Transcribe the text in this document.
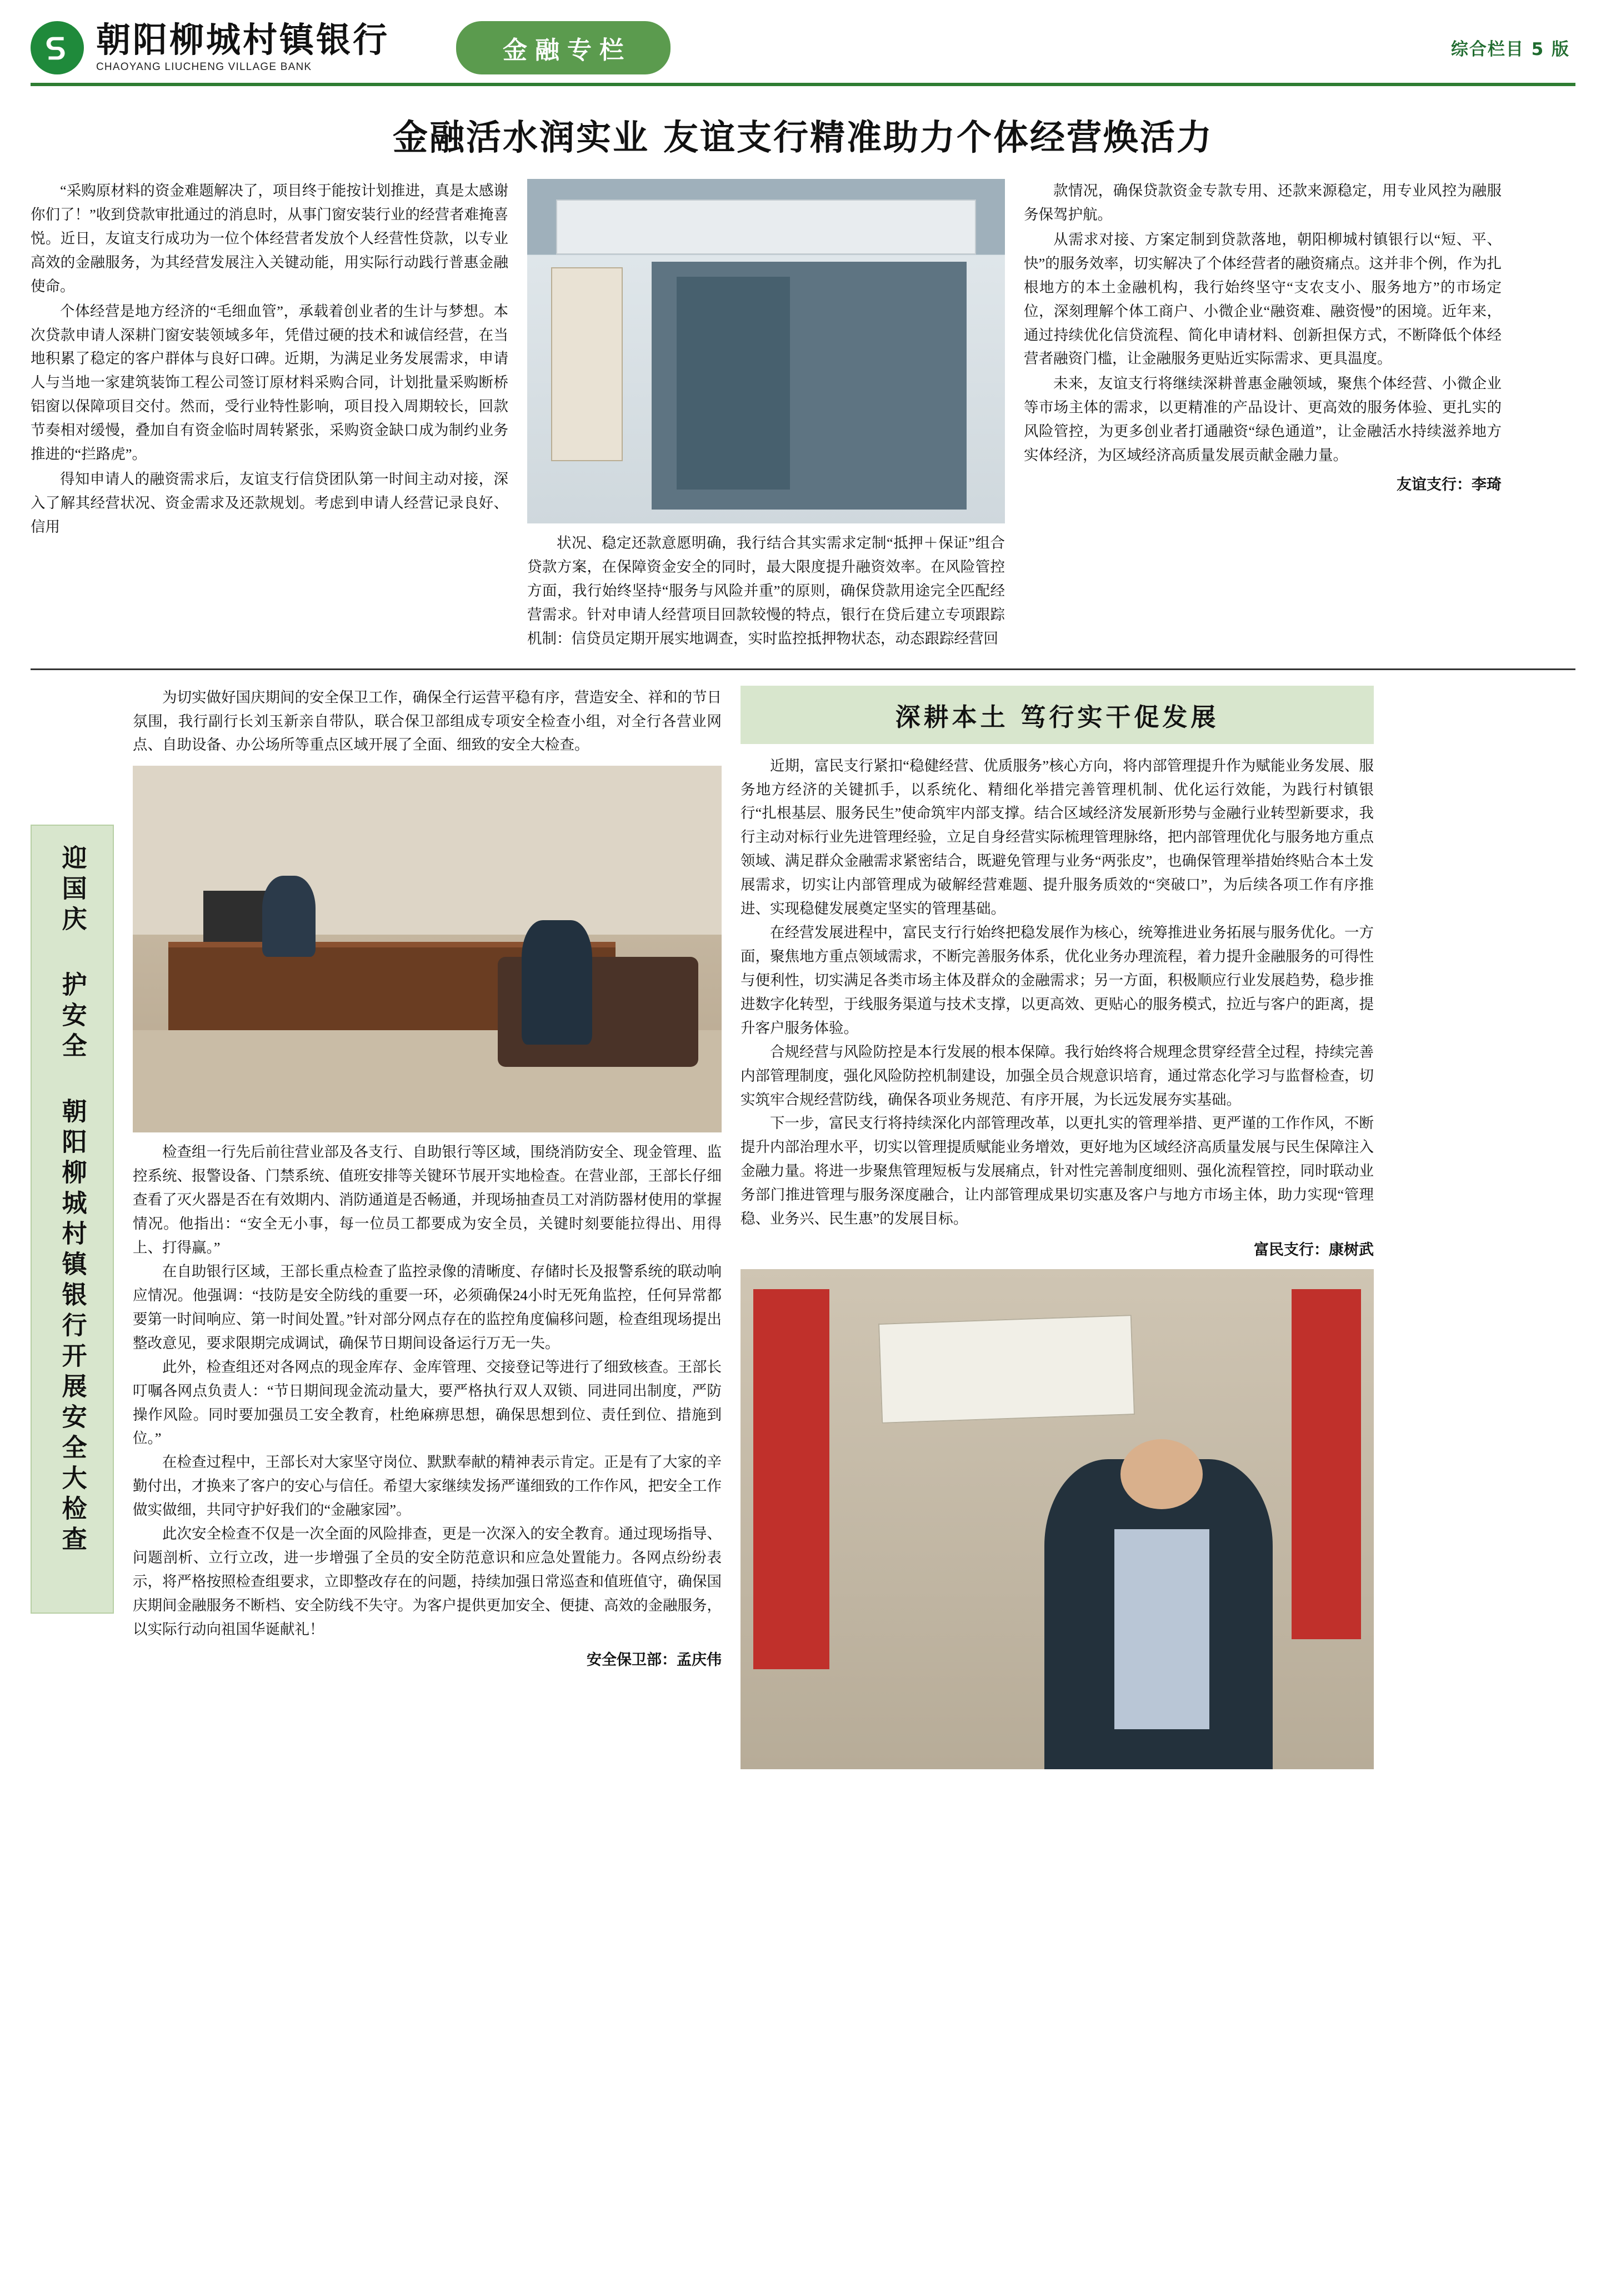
朝阳柳城村镇银行
CHAOYANG LIUCHENG VILLAGE BANK
金融专栏	综合栏目 5 版
金融活水润实业 友谊支行精准助力个体经营焕活力

“采购原材料的资金难题解决了，项目终于能按计划推进，真是太感谢你们了！”收到贷款审批通过的消息时，从事门窗安装行业的经营者难掩喜悦。近日，友谊支行成功为一位个体经营者发放个人经营性贷款，以专业高效的金融服务，为其经营发展注入关键动能，用实际行动践行普惠金融使命。

个体经营是地方经济的“毛细血管”，承载着创业者的生计与梦想。本次贷款申请人深耕门窗安装领域多年，凭借过硬的技术和诚信经营，在当地积累了稳定的客户群体与良好口碑。近期，为满足业务发展需求，申请人与当地一家建筑装饰工程公司签订原材料采购合同，计划批量采购断桥铝窗以保障项目交付。然而，受行业特性影响，项目投入周期较长，回款节奏相对缓慢，叠加自有资金临时周转紧张，采购资金缺口成为制约业务推进的“拦路虎”。

得知申请人的融资需求后，友谊支行信贷团队第一时间主动对接，深入了解其经营状况、资金需求及还款规划。考虑到申请人经营记录良好、信用

状况、稳定还款意愿明确，我行结合其实需求定制“抵押＋保证”组合贷款方案，在保障资金安全的同时，最大限度提升融资效率。在风险管控方面，我行始终坚持“服务与风险并重”的原则，确保贷款用途完全匹配经营需求。针对申请人经营项目回款较慢的特点，银行在贷后建立专项跟踪机制：信贷员定期开展实地调查，实时监控抵押物状态，动态跟踪经营回

款情况，确保贷款资金专款专用、还款来源稳定，用专业风控为融服务保驾护航。

从需求对接、方案定制到贷款落地，朝阳柳城村镇银行以“短、平、快”的服务效率，切实解决了个体经营者的融资痛点。这并非个例，作为扎根地方的本土金融机构，我行始终坚守“支农支小、服务地方”的市场定位，深刻理解个体工商户、小微企业“融资难、融资慢”的困境。近年来，通过持续优化信贷流程、简化申请材料、创新担保方式，不断降低个体经营者融资门槛，让金融服务更贴近实际需求、更具温度。

未来，友谊支行将继续深耕普惠金融领域，聚焦个体经营、小微企业等市场主体的需求，以更精准的产品设计、更高效的服务体验、更扎实的风险管控，为更多创业者打通融资“绿色通道”，让金融活水持续滋养地方实体经济，为区域经济高质量发展贡献金融力量。

友谊支行：李琦
迎国庆 护安全 朝阳柳城村镇银行开展安全大检查

为切实做好国庆期间的安全保卫工作，确保全行运营平稳有序，营造安全、祥和的节日氛围，我行副行长刘玉新亲自带队，联合保卫部组成专项安全检查小组，对全行各营业网点、自助设备、办公场所等重点区域开展了全面、细致的安全大检查。

检查组一行先后前往营业部及各支行、自助银行等区域，围绕消防安全、现金管理、监控系统、报警设备、门禁系统、值班安排等关键环节展开实地检查。在营业部，王部长仔细查看了灭火器是否在有效期内、消防通道是否畅通，并现场抽查员工对消防器材使用的掌握情况。他指出：“安全无小事，每一位员工都要成为安全员，关键时刻要能拉得出、用得上、打得赢。”

在自助银行区域，王部长重点检查了监控录像的清晰度、存储时长及报警系统的联动响应情况。他强调：“技防是安全防线的重要一环，必须确保24小时无死角监控，任何异常都要第一时间响应、第一时间处置。”针对部分网点存在的监控角度偏移问题，检查组现场提出整改意见，要求限期完成调试，确保节日期间设备运行万无一失。

此外，检查组还对各网点的现金库存、金库管理、交接登记等进行了细致核查。王部长叮嘱各网点负责人：“节日期间现金流动量大，要严格执行双人双锁、同进同出制度，严防操作风险。同时要加强员工安全教育，杜绝麻痹思想，确保思想到位、责任到位、措施到位。”

在检查过程中，王部长对大家坚守岗位、默默奉献的精神表示肯定。正是有了大家的辛勤付出，才换来了客户的安心与信任。希望大家继续发扬严谨细致的工作作风，把安全工作做实做细，共同守护好我们的“金融家园”。

此次安全检查不仅是一次全面的风险排查，更是一次深入的安全教育。通过现场指导、问题剖析、立行立改，进一步增强了全员的安全防范意识和应急处置能力。各网点纷纷表示，将严格按照检查组要求，立即整改存在的问题，持续加强日常巡查和值班值守，确保国庆期间金融服务不断档、安全防线不失守。为客户提供更加安全、便捷、高效的金融服务，以实际行动向祖国华诞献礼！

安全保卫部：孟庆伟
深耕本土 笃行实干促发展

近期，富民支行紧扣“稳健经营、优质服务”核心方向，将内部管理提升作为赋能业务发展、服务地方经济的关键抓手，以系统化、精细化举措完善管理机制、优化运行效能，为践行村镇银行“扎根基层、服务民生”使命筑牢内部支撑。结合区域经济发展新形势与金融行业转型新要求，我行主动对标行业先进管理经验，立足自身经营实际梳理管理脉络，把内部管理优化与服务地方重点领域、满足群众金融需求紧密结合，既避免管理与业务“两张皮”，也确保管理举措始终贴合本土发展需求，切实让内部管理成为破解经营难题、提升服务质效的“突破口”，为后续各项工作有序推进、实现稳健发展奠定坚实的管理基础。

在经营发展进程中，富民支行行始终把稳发展作为核心，统筹推进业务拓展与服务优化。一方面，聚焦地方重点领域需求，不断完善服务体系，优化业务办理流程，着力提升金融服务的可得性与便利性，切实满足各类市场主体及群众的金融需求；另一方面，积极顺应行业发展趋势，稳步推进数字化转型，于线服务渠道与技术支撑，以更高效、更贴心的服务模式，拉近与客户的距离，提升客户服务体验。

合规经营与风险防控是本行发展的根本保障。我行始终将合规理念贯穿经营全过程，持续完善内部管理制度，强化风险防控机制建设，加强全员合规意识培育，通过常态化学习与监督检查，切实筑牢合规经营防线，确保各项业务规范、有序开展，为长远发展夯实基础。

下一步，富民支行将持续深化内部管理改革，以更扎实的管理举措、更严谨的工作作风，不断提升内部治理水平，切实以管理提质赋能业务增效，更好地为区域经济高质量发展与民生保障注入金融力量。将进一步聚焦管理短板与发展痛点，针对性完善制度细则、强化流程管控，同时联动业务部门推进管理与服务深度融合，让内部管理成果切实惠及客户与地方市场主体，助力实现“管理稳、业务兴、民生惠”的发展目标。

富民支行：康树武
